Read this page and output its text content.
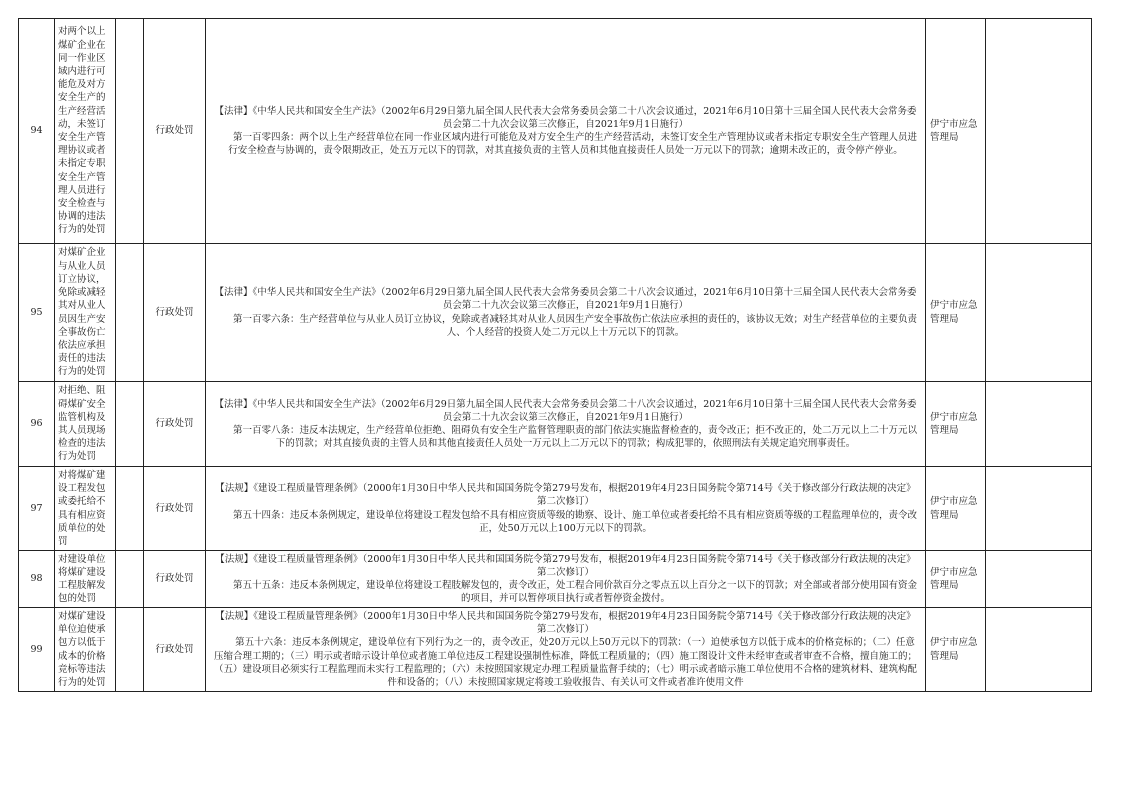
94	对两个以上煤矿企业在同一作业区域内进行可能危及对方安全生产的生产经营活动，未签订安全生产管理协议或者未指定专职安全生产管理人员进行安全检查与协调的违法行为的处罚		行政处罚	【法律】《中华人民共和国安全生产法》（2002年6月29日第九届全国人民代表大会常务委员会第二十八次会议通过，2021年6月10日第十三届全国人民代表大会常务委员会第二十九次会议第三次修正，自2021年9月1日施行）
第一百零四条：两个以上生产经营单位在同一作业区域内进行可能危及对方安全生产的生产经营活动，未签订安全生产管理协议或者未指定专职安全生产管理人员进行安全检查与协调的，责令限期改正，处五万元以下的罚款，对其直接负责的主管人员和其他直接责任人员处一万元以下的罚款；逾期未改正的，责令停产停业。	伊宁市应急管理局	
95	对煤矿企业与从业人员订立协议，免除或减轻其对从业人员因生产安全事故伤亡依法应承担责任的违法行为的处罚		行政处罚	【法律】《中华人民共和国安全生产法》（2002年6月29日第九届全国人民代表大会常务委员会第二十八次会议通过，2021年6月10日第十三届全国人民代表大会常务委员会第二十九次会议第三次修正，自2021年9月1日施行）
第一百零六条：生产经营单位与从业人员订立协议，免除或者减轻其对从业人员因生产安全事故伤亡依法应承担的责任的，该协议无效；对生产经营单位的主要负责人、个人经营的投资人处二万元以上十万元以下的罚款。	伊宁市应急管理局	
96	对拒绝、阻碍煤矿安全监管机构及其人员现场检查的违法行为处罚		行政处罚	【法律】《中华人民共和国安全生产法》（2002年6月29日第九届全国人民代表大会常务委员会第二十八次会议通过，2021年6月10日第十三届全国人民代表大会常务委员会第二十九次会议第三次修正，自2021年9月1日施行）
第一百零八条：违反本法规定，生产经营单位拒绝、阻碍负有安全生产监督管理职责的部门依法实施监督检查的，责令改正；拒不改正的，处二万元以上二十万元以下的罚款；对其直接负责的主管人员和其他直接责任人员处一万元以上二万元以下的罚款；构成犯罪的，依照刑法有关规定追究刑事责任。	伊宁市应急管理局	
97	对将煤矿建设工程发包或委托给不具有相应资质单位的处罚		行政处罚	【法规】《建设工程质量管理条例》（2000年1月30日中华人民共和国国务院令第279号发布，根据2019年4月23日国务院令第714号《关于修改部分行政法规的决定》第二次修订）
第五十四条：违反本条例规定，建设单位将建设工程发包给不具有相应资质等级的勘察、设计、施工单位或者委托给不具有相应资质等级的工程监理单位的，责令改正，处50万元以上100万元以下的罚款。	伊宁市应急管理局	
98	对建设单位将煤矿建设工程肢解发包的处罚		行政处罚	【法规】《建设工程质量管理条例》（2000年1月30日中华人民共和国国务院令第279号发布，根据2019年4月23日国务院令第714号《关于修改部分行政法规的决定》第二次修订）
第五十五条：违反本条例规定，建设单位将建设工程肢解发包的，责令改正，处工程合同价款百分之零点五以上百分之一以下的罚款；对全部或者部分使用国有资金的项目，并可以暂停项目执行或者暂停资金拨付。	伊宁市应急管理局	
99	对煤矿建设单位迫使承包方以低于成本的价格竞标等违法行为的处罚		行政处罚	【法规】《建设工程质量管理条例》（2000年1月30日中华人民共和国国务院令第279号发布，根据2019年4月23日国务院令第714号《关于修改部分行政法规的决定》第二次修订）
第五十六条：违反本条例规定，建设单位有下列行为之一的，责令改正，处20万元以上50万元以下的罚款：（一）迫使承包方以低于成本的价格竞标的；（二）任意压缩合理工期的；（三）明示或者暗示设计单位或者施工单位违反工程建设强制性标准，降低工程质量的；（四）施工图设计文件未经审查或者审查不合格，擅自施工的；（五）建设项目必须实行工程监理而未实行工程监理的；（六）未按照国家规定办理工程质量监督手续的；（七）明示或者暗示施工单位使用不合格的建筑材料、建筑构配件和设备的；（八）未按照国家规定将竣工验收报告、有关认可文件或者准许使用文件	伊宁市应急管理局	
